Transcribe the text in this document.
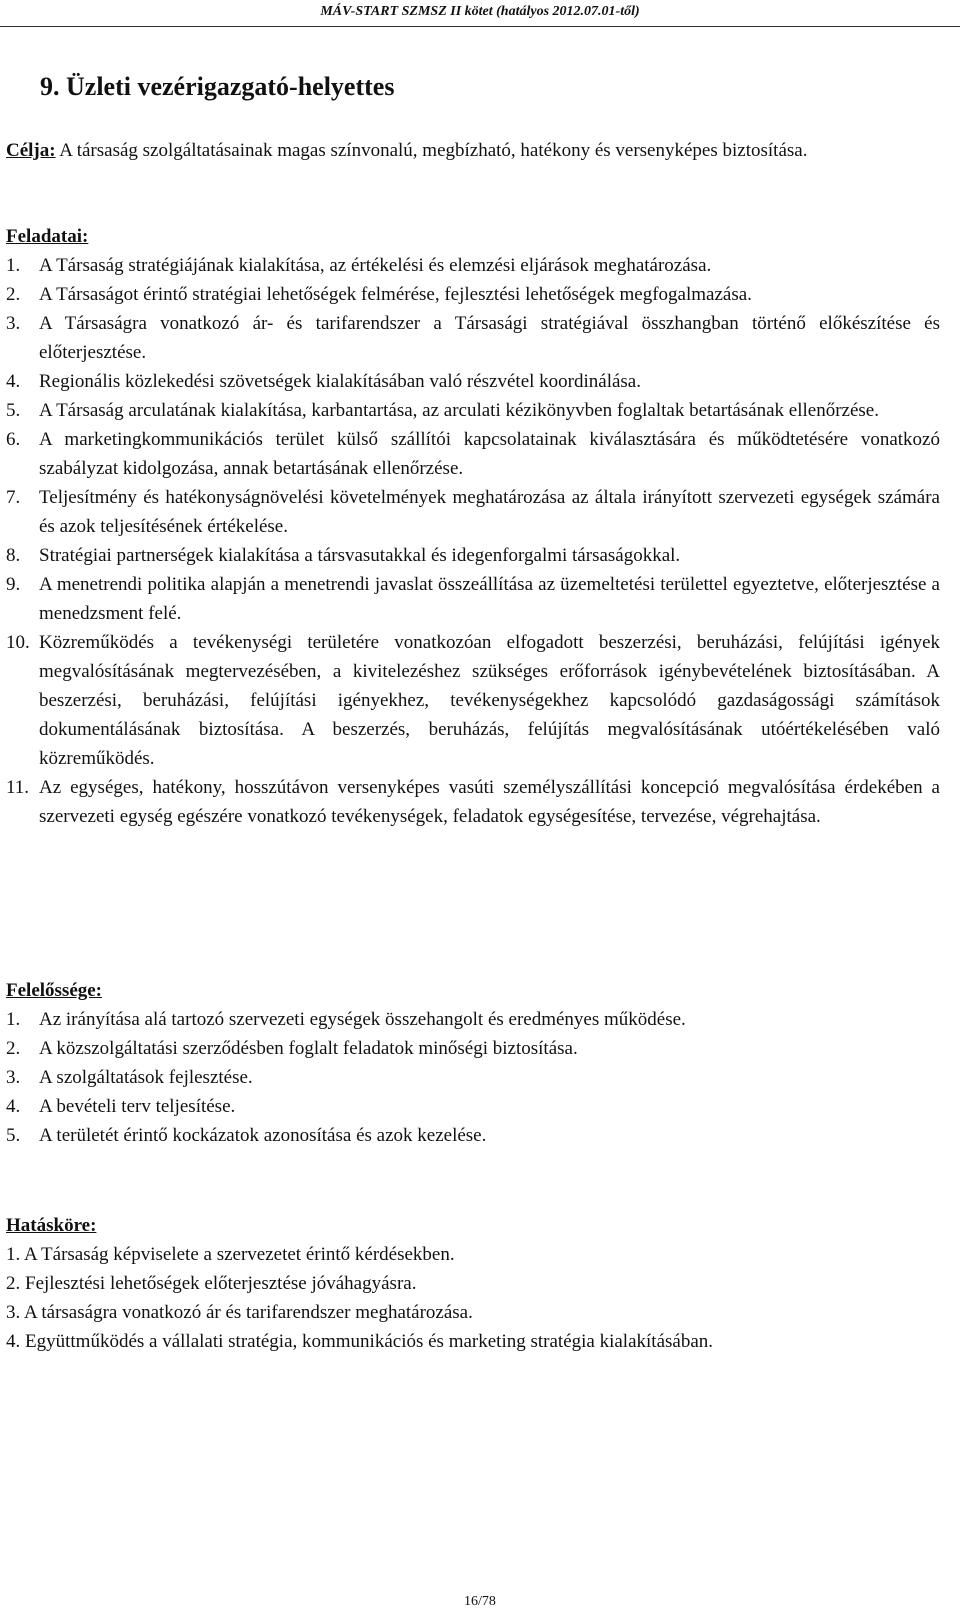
MÁV-START SZMSZ II kötet (hatályos 2012.07.01-től)
9. Üzleti vezérigazgató-helyettes
Célja: A társaság szolgáltatásainak magas színvonalú, megbízható, hatékony és versenyképes biztosítása.
Feladatai:
1. A Társaság stratégiájának kialakítása, az értékelési és elemzési eljárások meghatározása.
2. A Társaságot érintő stratégiai lehetőségek felmérése, fejlesztési lehetőségek megfogalmazása.
3. A Társaságra vonatkozó ár- és tarifarendszer a Társasági stratégiával összhangban történő előkészítése és előterjesztése.
4. Regionális közlekedési szövetségek kialakításában való részvétel koordinálása.
5. A Társaság arculatának kialakítása, karbantartása, az arculati kézikönyvben foglaltak betartásának ellenőrzése.
6. A marketingkommunikációs terület külső szállítói kapcsolatainak kiválasztására és működtetésére vonatkozó szabályzat kidolgozása, annak betartásának ellenőrzése.
7. Teljesítmény és hatékonyságnövelési követelmények meghatározása az általa irányított szervezeti egységek számára és azok teljesítésének értékelése.
8. Stratégiai partnerségek kialakítása a társvasutakkal és idegenforgalmi társaságokkal.
9. A menetrendi politika alapján a menetrendi javaslat összeállítása az üzemeltetési területtel egyeztetve, előterjesztése a menedzsment felé.
10. Közreműködés a tevékenységi területére vonatkozóan elfogadott beszerzési, beruházási, felújítási igények megvalósításának megtervezésében, a kivitelezéshez szükséges erőforrások igénybevételének biztosításában. A beszerzési, beruházási, felújítási igényekhez, tevékenységekhez kapcsolódó gazdaságossági számítások dokumentálásának biztosítása. A beszerzés, beruházás, felújítás megvalósításának utóértékelésében való közreműködés.
11. Az egységes, hatékony, hosszútávon versenyképes vasúti személyszállítási koncepció megvalósítása érdekében a szervezeti egység egészére vonatkozó tevékenységek, feladatok egységesítése, tervezése, végrehajtása.
Felelőssége:
1. Az irányítása alá tartozó szervezeti egységek összehangolt és eredményes működése.
2. A közszolgáltatási szerződésben foglalt feladatok minőségi biztosítása.
3. A szolgáltatások fejlesztése.
4. A bevételi terv teljesítése.
5. A területét érintő kockázatok azonosítása és azok kezelése.
Hatásköre:
1. A Társaság képviselete a szervezetet érintő kérdésekben.
2. Fejlesztési lehetőségek előterjesztése jóváhagyásra.
3. A társaságra vonatkozó ár és tarifarendszer meghatározása.
4. Együttműködés a vállalati stratégia, kommunikációs és marketing stratégia kialakításában.
16/78
